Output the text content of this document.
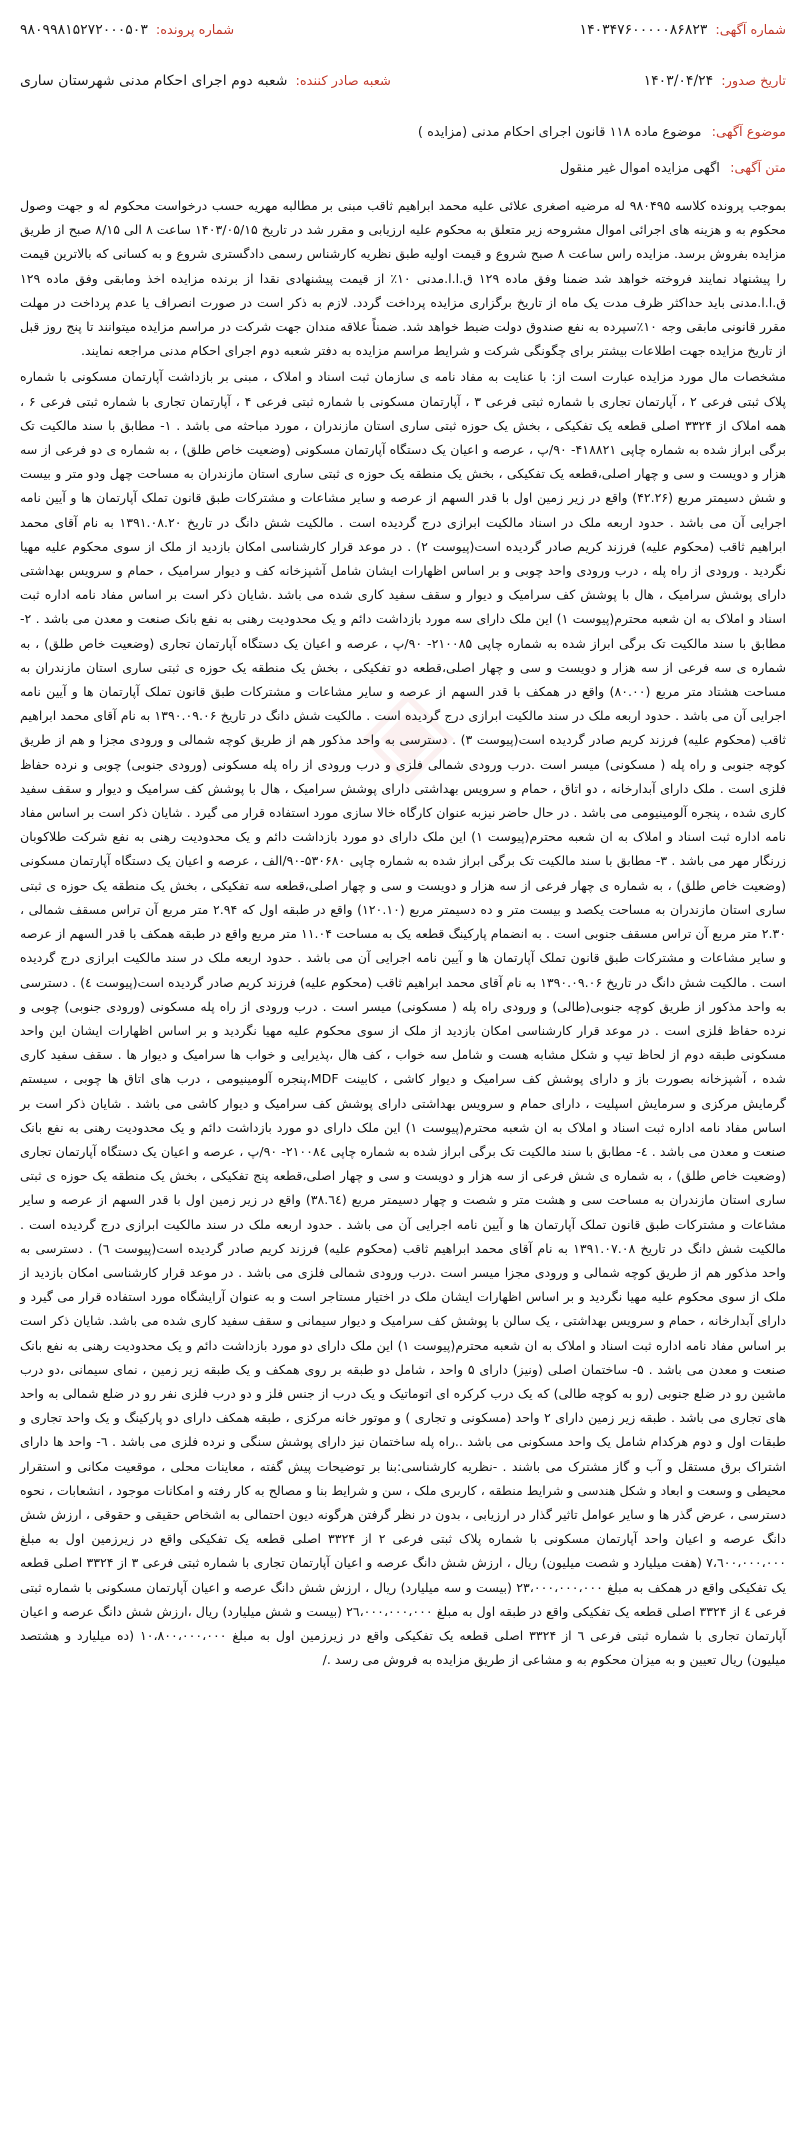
شماره آگهی:
۱۴۰۳۴۷۶۰۰۰۰۰۸۶۸۲۳
شماره پرونده:
۹۸۰۹۹۸۱۵۲۷۲۰۰۰۵۰۳
تاریخ صدور:
۱۴۰۳/۰۴/۲۴
شعبه صادر کننده:
شعبه دوم اجرای احکام مدنی شهرستان ساری
موضوع آگهی: موضوع ماده ۱۱۸ قانون اجرای احکام مدنی (مزایده )
متن آگهی: اگهی مزایده اموال غیر منقول
◈

بموجب پرونده کلاسه ۹۸۰۴۹۵ له مرضیه اصغری علائی علیه محمد ابراهیم ثاقب مبنی بر مطالبه مهریه حسب درخواست محکوم له و جهت وصول محکوم به و هزینه های اجرائی اموال مشروحه زیر متعلق به محکوم علیه ارزیابی و مقرر شد در تاریخ ۱۴۰۳/۰۵/۱۵ ساعت ۸ الی ۸/۱۵ صبح از طریق مزایده بفروش برسد. مزایده راس ساعت ۸ صبح شروع و قیمت اولیه طبق نظریه کارشناس رسمی دادگستری شروع و به کسانی که بالاترین قیمت را پیشنهاد نمایند فروخته خواهد شد ضمنا وفق ماده ۱۲۹ ق.ا.ا.مدنی ۱۰٪ از قیمت پیشنهادی نقدا از برنده مزایده اخذ ومابقی وفق ماده ۱۲۹ ق.ا.ا.مدنی باید حداکثر ظرف مدت یک ماه از تاریخ برگزاری مزایده پرداخت گردد. لازم به ذکر است در صورت انصراف یا عدم پرداخت در مهلت مقرر قانونی مابقی وجه ۱۰٪سپرده به نفع صندوق دولت ضبط خواهد شد. ضمناً علاقه مندان جهت شرکت در مراسم مزایده میتوانند تا پنج روز قبل از تاریخ مزایده جهت اطلاعات بیشتر برای چگونگی شرکت و شرایط مراسم مزایده به دفتر شعبه دوم اجرای احکام مدنی مراجعه نمایند.

مشخصات مال مورد مزایده عبارت است از: با عنایت به مفاد نامه ی سازمان ثبت اسناد و املاک ، مبنی بر بازداشت آپارتمان مسکونی با شماره پلاک ثبتی فرعی ۲ ، آپارتمان تجاری با شماره ثبتی فرعی ۳ ، آپارتمان مسکونی با شماره ثبتی فرعی ۴ ، آپارتمان تجاری با شماره ثبتی فرعی ۶ ، همه املاک از ۳۳۲۴ اصلی قطعه یک تفکیکی ، بخش یک حوزه ثبتی ساری استان مازندران ، مورد مباحثه می باشد . ۱- مطابق با سند مالکیت تک برگی ابراز شده به شماره چاپی ۴۱۸۸۲۱- ۹۰/پ ، عرصه و اعیان یک دستگاه آپارتمان مسکونی (وضعیت خاص طلق) ، به شماره ی دو فرعی از سه هزار و دویست و سی و چهار اصلی،قطعه یک تفکیکی ، بخش یک منطقه یک حوزه ی ثبتی ساری استان مازندران به مساحت چهل ودو متر و بیست و شش دسیمتر مربع (۴۲.۲۶) واقع در زیر زمین اول با قدر السهم از عرصه و سایر مشاعات و مشترکات طبق قانون تملک آپارتمان ها و آیین نامه اجرایی آن می باشد . حدود اربعه ملک در اسناد مالکیت ابرازی درج گردیده است . مالکیت شش دانگ در تاریخ ۱۳۹۱.۰۸.۲۰ به نام آقای محمد ابراهیم ثاقب (محکوم علیه) فرزند کریم صادر گردیده است(پیوست ۲) . در موعد قرار کارشناسی امکان بازدید از ملک از سوی محکوم علیه مهیا نگردید . ورودی از راه پله ، درب ورودی واحد چوبی و بر اساس اظهارات ایشان شامل آشپزخانه کف و دیوار سرامیک ، حمام و سرویس بهداشتی دارای پوشش سرامیک ، هال با پوشش کف سرامیک و دیوار و سقف سفید کاری شده می باشد .شایان ذکر است بر اساس مفاد نامه اداره ثبت اسناد و املاک به ان شعبه محترم(پیوست ۱) این ملک دارای سه مورد بازداشت دائم و یک محدودیت رهنی به نفع بانک صنعت و معدن می باشد . ۲- مطابق با سند مالکیت تک برگی ابراز شده به شماره چاپی ۲۱۰۰۸۵- ۹۰/پ ، عرصه و اعیان یک دستگاه آپارتمان تجاری (وضعیت خاص طلق) ، به شماره ی سه فرعی از سه هزار و دویست و سی و چهار اصلی،قطعه دو تفکیکی ، بخش یک منطقه یک حوزه ی ثبتی ساری استان مازندران به مساحت هشتاد متر مربع (۸۰.۰۰) واقع در همکف با قدر السهم از عرصه و سایر مشاعات و مشترکات طبق قانون تملک آپارتمان ها و آیین نامه اجرایی آن می باشد . حدود اربعه ملک در سند مالکیت ابرازی درج گردیده است . مالکیت شش دانگ در تاریخ ۱۳۹۰.۰۹.۰۶ به نام آقای محمد ابراهیم ثاقب (محکوم علیه) فرزند کریم صادر گردیده است(پیوست ۳) . دسترسی به واحد مذکور هم از طریق کوچه شمالی و ورودی مجزا و هم از طریق کوچه جنوبی و راه پله ( مسکونی) میسر است .درب ورودی شمالی فلزی و درب ورودی از راه پله مسکونی (ورودی جنوبی) چوبی و نرده حفاظ فلزی است . ملک دارای آبدارخانه ، دو اتاق ، حمام و سرویس بهداشتی دارای پوشش سرامیک ، هال با پوشش کف سرامیک و دیوار و سقف سفید کاری شده ، پنجره آلومینیومی می باشد . در حال حاضر نیزبه عنوان کارگاه خالا سازی مورد استفاده قرار می گیرد . شایان ذکر است بر اساس مفاد نامه اداره ثبت اسناد و املاک به ان شعبه محترم(پیوست ۱) این ملک دارای دو مورد بازداشت دائم و یک محدودیت رهنی به نفع شرکت طلاکوبان زرنگار مهر می باشد . ۳- مطابق با سند مالکیت تک برگی ابراز شده به شماره چاپی ۵۳۰۶۸۰-۹۰/الف ، عرصه و اعیان یک دستگاه آپارتمان مسکونی (وضعیت خاص طلق) ، به شماره ی چهار فرعی از سه هزار و دویست و سی و چهار اصلی،قطعه سه تفکیکی ، بخش یک منطقه یک حوزه ی ثبتی ساری استان مازندران به مساحت یکصد و بیست متر و ده دسیمتر مربع (۱۲۰.۱۰) واقع در طبقه اول که ۲.۹۴ متر مربع آن تراس مسقف شمالی ، ۲.۳۰ متر مربع آن تراس مسقف جنوبی است . به انضمام پارکینگ قطعه یک به مساحت ۱۱.۰۴ متر مربع واقع در طبقه همکف با قدر السهم از عرصه و سایر مشاعات و مشترکات طبق قانون تملک آپارتمان ها و آیین نامه اجرایی آن می باشد . حدود اربعه ملک در سند مالکیت ابرازی درج گردیده است . مالکیت شش دانگ در تاریخ ۱۳۹۰.۰۹.۰۶ به نام آقای محمد ابراهیم ثاقب (محکوم علیه) فرزند کریم صادر گردیده است(پیوست ٤) . دسترسی به واحد مذکور از طریق کوچه جنوبی(طالی) و ورودی راه پله ( مسکونی) میسر است . درب ورودی از راه پله مسکونی (ورودی جنوبی) چوبی و نرده حفاظ فلزی است . در موعد قرار کارشناسی امکان بازدید از ملک از سوی محکوم علیه مهیا نگردید و بر اساس اظهارات ایشان این واحد مسکونی طبقه دوم از لحاظ تیپ و شکل مشابه هست و شامل سه خواب ، کف هال ،پذیرایی و خواب ها سرامیک و دیوار ها . سقف سفید کاری شده ، آشپزخانه بصورت باز و دارای پوشش کف سرامیک و دیوار کاشی ، کابینت MDF،پنجره آلومینیومی ، درب های اتاق ها چوبی ، سیستم گرمایش مرکزی و سرمایش اسپلیت ، دارای حمام و سرویس بهداشتی دارای پوشش کف سرامیک و دیوار کاشی می باشد . شایان ذکر است بر اساس مفاد نامه اداره ثبت اسناد و املاک به ان شعبه محترم(پیوست ۱) این ملک دارای دو مورد بازداشت دائم و یک محدودیت رهنی به نفع بانک صنعت و معدن می باشد . ٤- مطابق با سند مالکیت تک برگی ابراز شده به شماره چاپی ۲۱۰۰۸٤- ۹۰/پ ، عرصه و اعیان یک دستگاه آپارتمان تجاری (وضعیت خاص طلق) ، به شماره ی شش فرعی از سه هزار و دویست و سی و چهار اصلی،قطعه پنج تفکیکی ، بخش یک منطقه یک حوزه ی ثبتی ساری استان مازندران به مساحت سی و هشت متر و شصت و چهار دسیمتر مربع (۳۸.٦٤) واقع در زیر زمین اول با قدر السهم از عرصه و سایر مشاعات و مشترکات طبق قانون تملک آپارتمان ها و آیین نامه اجرایی آن می باشد . حدود اربعه ملک در سند مالکیت ابرازی درج گردیده است . مالکیت شش دانگ در تاریخ ۱۳۹۱.۰۷.۰۸ به نام آقای محمد ابراهیم ثاقب (محکوم علیه) فرزند کریم صادر گردیده است(پیوست ٦) . دسترسی به واحد مذکور هم از طریق کوچه شمالی و ورودی مجزا میسر است .درب ورودی شمالی فلزی می باشد . در موعد قرار کارشناسی امکان بازدید از ملک از سوی محکوم علیه مهیا نگردید و بر اساس اظهارات ایشان ملک در اختیار مستاجر است و به عنوان آرایشگاه مورد استفاده قرار می گیرد و دارای آبدارخانه ، حمام و سرویس بهداشتی ، یک سالن با پوشش کف سرامیک و دیوار سیمانی و سقف سفید کاری شده می باشد. شایان ذکر است بر اساس مفاد نامه اداره ثبت اسناد و املاک به ان شعبه محترم(پیوست ۱) این ملک دارای دو مورد بازداشت دائم و یک محدودیت رهنی به نفع بانک صنعت و معدن می باشد . ۵- ساختمان اصلی (ونیز) دارای ۵ واحد ، شامل دو طبقه بر روی همکف و یک طبقه زیر زمین ، نمای سیمانی ،دو درب ماشین رو در ضلع جنوبی (رو به کوچه طالی) که یک درب کرکره ای اتوماتیک و یک درب از جنس فلز و دو درب فلزی نفر رو در ضلع شمالی به واحد های تجاری می باشد . طبقه زیر زمین دارای ۲ واحد (مسکونی و تجاری ) و موتور خانه مرکزی ، طبقه همکف دارای دو پارکینگ و یک واحد تجاری و طبقات اول و دوم هرکدام شامل یک واحد مسکونی می باشد ..راه پله ساختمان نیز دارای پوشش سنگی و نرده فلزی می باشد . ٦- واحد ها دارای اشتراک برق مستقل و آب و گاز مشترک می باشند . -نظریه کارشناسی:بنا بر توضیحات پیش گفته ، معاینات محلی ، موقعیت مکانی و استقرار محیطی و وسعت و ابعاد و شکل هندسی و شرایط منطقه ، کاربری ملک ، سن و شرایط بنا و مصالح به کار رفته و امکانات موجود ، انشعابات ، نحوه دسترسی ، عرض گذر ها و سایر عوامل تاثیر گذار در ارزیابی ، بدون در نظر گرفتن هرگونه دیون احتمالی به اشخاص حقیقی و حقوقی ، ارزش شش دانگ عرصه و اعیان واحد آپارتمان مسکونی با شماره پلاک ثبتی فرعی ۲ از ۳۳۲۴ اصلی قطعه یک تفکیکی واقع در زیرزمین اول به مبلغ ۷،٦۰۰،۰۰۰،۰۰۰ (هفت میلیارد و شصت میلیون) ریال ، ارزش شش دانگ عرصه و اعیان آپارتمان تجاری با شماره ثبتی فرعی ۳ از ۳۳۲۴ اصلی قطعه یک تفکیکی واقع در همکف به مبلغ ۲۳،۰۰۰،۰۰۰،۰۰۰ (بیست و سه میلیارد) ریال ، ارزش شش دانگ عرصه و اعیان آپارتمان مسکونی با شماره ثبتی فرعی ٤ از ۳۳۲۴ اصلی قطعه یک تفکیکی واقع در طبقه اول به مبلغ ۲٦،۰۰۰،۰۰۰،۰۰۰ (بیست و شش میلیارد) ریال ،ارزش شش دانگ عرصه و اعیان آپارتمان تجاری با شماره ثبتی فرعی ٦ از ۳۳۲۴ اصلی قطعه یک تفکیکی واقع در زیرزمین اول به مبلغ ۱۰،۸۰۰،۰۰۰،۰۰۰ (ده میلیارد و هشتصد میلیون) ریال تعیین و به میزان محکوم به و مشاعی از طریق مزایده به فروش می رسد ./
